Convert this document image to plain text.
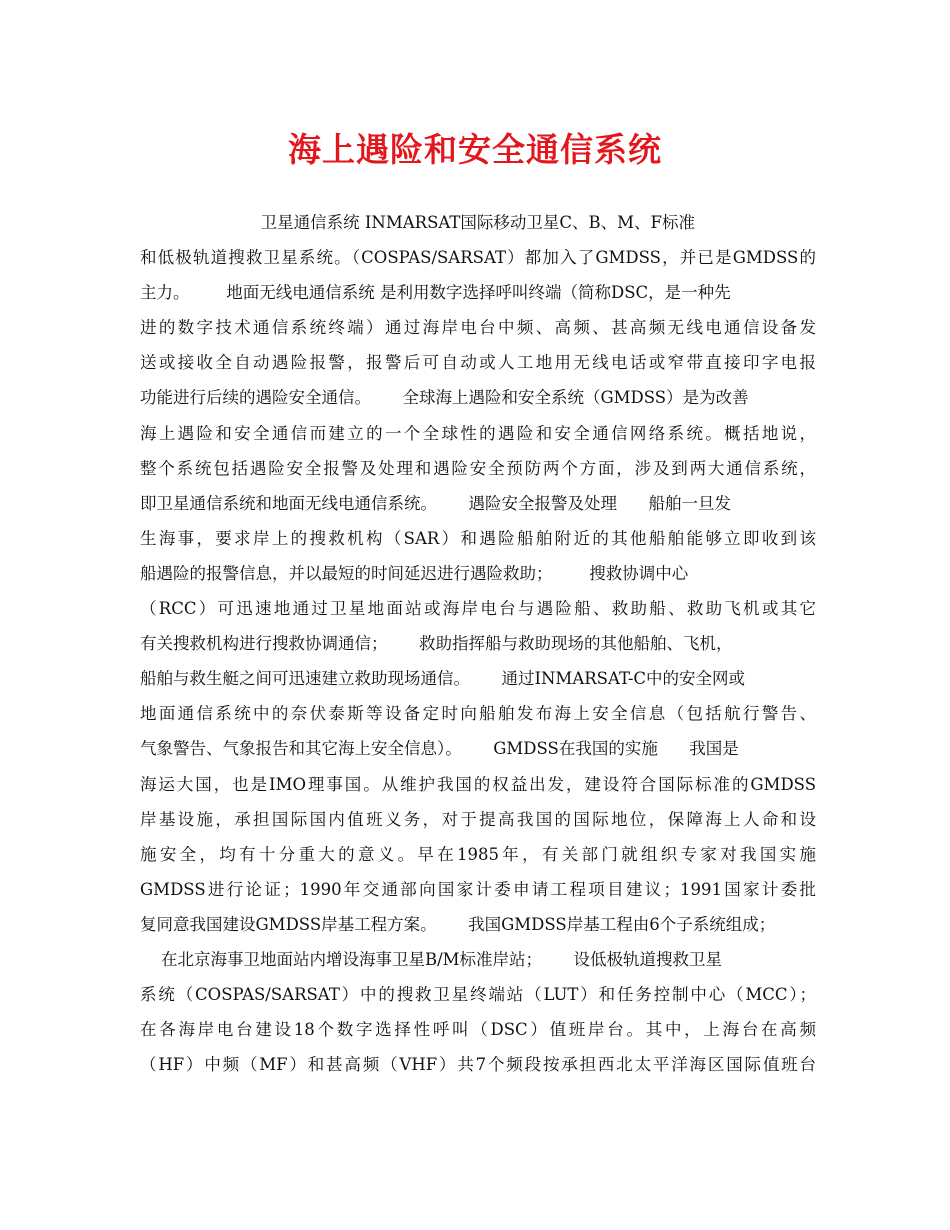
海上遇险和安全通信系统
卫星通信系统 INMARSAT国际移动卫星C、B、M、F标准
和低极轨道搜救卫星系统。（COSPAS/SARSAT）都加入了GMDSS，并已是GMDSS的
主力。       地面无线电通信系统 是利用数字选择呼叫终端（简称DSC，是一种先
进的数字技术通信系统终端）通过海岸电台中频、高频、甚高频无线电通信设备发
送或接收全自动遇险报警，报警后可自动或人工地用无线电话或窄带直接印字电报
功能进行后续的遇险安全通信。      全球海上遇险和安全系统（GMDSS）是为改善
海上遇险和安全通信而建立的一个全球性的遇险和安全通信网络系统。概括地说，
整个系统包括遇险安全报警及处理和遇险安全预防两个方面，涉及到两大通信系统，
即卫星通信系统和地面无线电通信系统。      遇险安全报警及处理      船舶一旦发
生海事，要求岸上的搜救机构（SAR）和遇险船舶附近的其他船舶能够立即收到该
船遇险的报警信息，并以最短的时间延迟进行遇险救助；       搜救协调中心
（RCC）可迅速地通过卫星地面站或海岸电台与遇险船、救助船、救助飞机或其它
有关搜救机构进行搜救协调通信；      救助指挥船与救助现场的其他船舶、飞机，
船舶与救生艇之间可迅速建立救助现场通信。      通过INMARSAT-C中的安全网或
地面通信系统中的奈伏泰斯等设备定时向船舶发布海上安全信息（包括航行警告、
气象警告、气象报告和其它海上安全信息）。      GMDSS在我国的实施      我国是
海运大国，也是IMO理事国。从维护我国的权益出发，建设符合国际标准的GMDSS
岸基设施，承担国际国内值班义务，对于提高我国的国际地位，保障海上人命和设
施安全，均有十分重大的意义。早在1985年，有关部门就组织专家对我国实施
GMDSS进行论证；1990年交通部向国家计委申请工程项目建议；1991国家计委批
复同意我国建设GMDSS岸基工程方案。      我国GMDSS岸基工程由6个子系统组成；
在北京海事卫地面站内增设海事卫星B/M标准岸站；      设低极轨道搜救卫星
系统（COSPAS/SARSAT）中的搜救卫星终端站（LUT）和任务控制中心（MCC）；
在各海岸电台建设18个数字选择性呼叫（DSC）值班岸台。其中，上海台在高频
（HF）中频（MF）和甚高频（VHF）共7个频段按承担西北太平洋海区国际值班台
